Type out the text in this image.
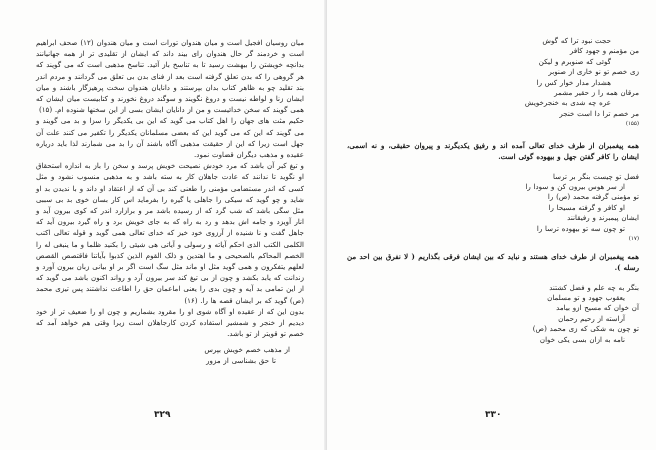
میان روسیان افجیل است و میان هندوان تورات است و میان هندوان (۱۲) صحف ابراهیم است و خردمند گر حال هندوان رای بیند داند که ایشان از تقلیدی تر از همه جهانیانند بدانچه خویشتن را بیهشت رسید تا به تناسخ باز آئید. تناسخ مذهبی است که می گویند که هر گروهی را که بدن تعلق گرفته است بعد از فنای بدن بی تعلق می گردانند و مردم اندر بند تقلید چو به ظاهر کتاب بدان بپرستند و دانایان هندوان سخت پرهیزگار باشند و میان ایشان زنا و لواطه نیست و دروغ نگویند و سوگند دروغ نخورند و کتابیست میان ایشان که همی گویند که سخن خدائیست و من از دانایان ایشان بسی از این سخنها شنوده ام. (۱۵)

حکیم مثت های جهان را اهل کتاب می گوید که این بی یکدیگر را سزا و بد می گویند و می گویند که این که می گوید این که بعضی مسلمانان یکدیگر را تکفیر می کنند علت آن جهل است زیرا که این از حقیقت مذهبی آگاه باشند آن را بد می شمارند لذا باید دریاره عقیده و مذهب دیگران قضاوت نمود.

و تیغ کبر آن باشد که مرد خودش نصیحت خویش پرسد و سخن را باز به اندازه استحقاق او نگوید تا ندانند که عادت جاهلان کار به سته باشد و به مذهبی منسوب نشود و مثل کسی که اندر مستضامی مؤمنی را طعنی کند بی آن که از اعتقاد او داند و با ندیدن بد او شاید و چو گوید که سیکی را جاهلی یا گیره را بفرماید اس کار بسان خوی بد بی سببی مثل سگی باشد که شب گرد که از رسیده باشد مر و برازارد اندر که کوی بیرون آید و انار آویزد و جامه اش بدهد و رد به راه که به جای خویش برد و راه گیرد بیرون آید که جاهل گفت و نا شنیده از آرزوی خود خیز که خدای تعالی همی گوید و قوله تعالی اکتب الکلمی الکتب الذی احکم آیاته و رسولی و آیاتی هی شیئی را بکنید ظلما و ما ینبغی له را الخصم المحاکم بالصحیحی و ما اهتدین و ذلک القوم الذین کذبوا بآیاتنا فاقتصص القصص لعلهم یتفکرون و همی گوید مثل او ماند مثل سگ است اگر بر او بیانی زبان بیرون آورد و زندانت که یابد بکشد و چون از بی تیغ کند سر بیرون آرد و رواند اکنون باشد می گوید که از این تمامی بد آیه و چون بدی را یعنی اماعمان حق را اطاعت نداشتند پس تیزی محمد (ص) گوید که بر ایشان قصه ها را. (۱۶)

بدون این که از عقیده او آگاه شوی او را مقرود بشماریم و چون او را ضعیف تر از خود دیدیم از خنجر و شمشیر استفاده کردن کارجاهلان است زیرا وقتی هم خواهد آمد که خصم تو قویتر از تو باشد.

از مذهب خصم خویش بپرس

تا حق بشناسی از مزور

۳۲۹

حجت نبود ترا که گوش

من مؤمنم و جهود کافر

گوئی که صنوبرم و لیکن

زی خصم تو نو خاری از صنوبر

هشدار مدار خوار کس را

مرقان همه را ز حقیر مشمر

عره چه شدی به خنجرخویش

مر خصم ترا دا است خنجر

(۱۵۵)

همه پیغمبران از طرف خدای تعالی آمده اند و رفیق یکدیگرند و پیروان حقیقی، و نه اسمی، ایشان را کافر گفتن جهل و بیهوده گوئی است.

فضل تو چیست بنگر بر ترسا

از سر هوس بیرون کن و سودا را

تو مؤمنی گرفته محمد (ص) را

او کافر و گرفته مسیحا را

ایشان پیمبرند و رفیقانند

تو چون سه تو بیهوده ترسا را

(۱۷)

همه پیغمبران از طرف خدای هستند و نباید که بین ایشان فرقی بگذاریم ( لا نفرق بین احد من رسله ).

بنگر به چه علم و فضل کشتند

یعقوب جهود و تو مسلمان

آن خوان که مسیح ازو بیامد

آراسته از رحیم رحمان

تو چون به شکی که زی محمد (ص)

نامه به ازان بسی یکی خوان

۳۳۰
